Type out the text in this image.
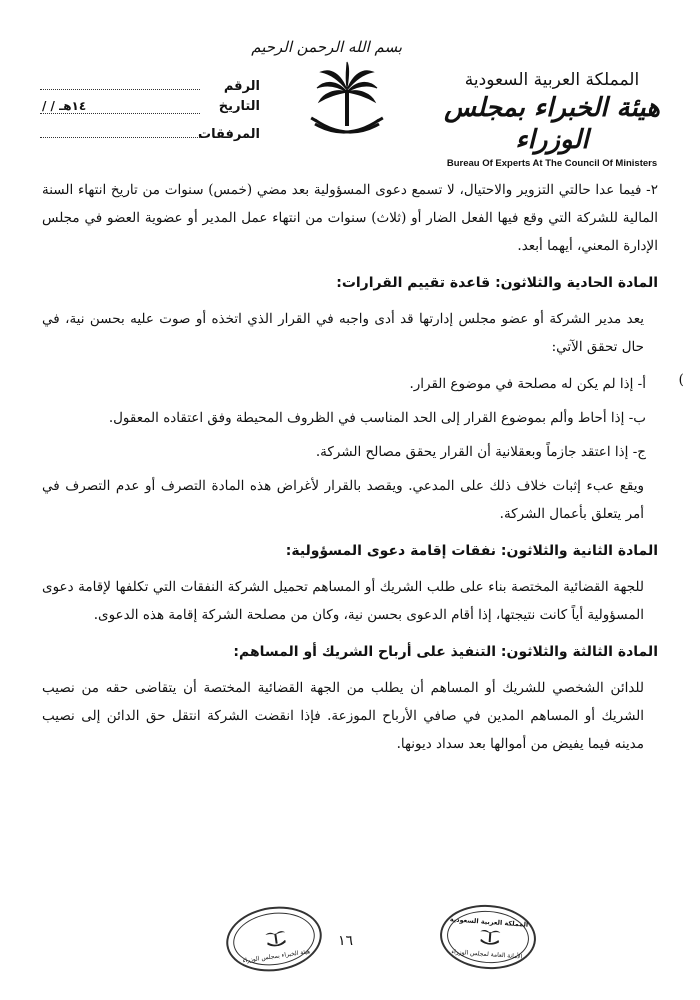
المملكة العربية السعودية
هيئة الخبراء بمجلس الوزراء
Bureau Of Experts At The Council Of Ministers
بسم الله الرحمن الرحيم
الرقم
التاريخ
/ / ١٤هـ
المرفقات

٢- فيما عدا حالتي التزوير والاحتيال، لا تسمع دعوى المسؤولية بعد مضي (خمس) سنوات من تاريخ انتهاء السنة المالية للشركة التي وقع فيها الفعل الضار أو (ثلاث) سنوات من انتهاء عمل المدير أو عضوية العضو في مجلس الإدارة المعني، أيهما أبعد.

المادة الحادية والثلاثون: قاعدة تقييم القرارات:

يعد مدير الشركة أو عضو مجلس إدارتها قد أدى واجبه في القرار الذي اتخذه أو صوت عليه بحسن نية، في حال تحقق الآتي:

أ- إذا لم يكن له مصلحة في موضوع القرار.

ب- إذا أحاط وألم بموضوع القرار إلى الحد المناسب في الظروف المحيطة وفق اعتقاده المعقول.

ج- إذا اعتقد جازماً وبعقلانية أن القرار يحقق مصالح الشركة.

ويقع عبء إثبات خلاف ذلك على المدعي. ويقصد بالقرار لأغراض هذه المادة التصرف أو عدم التصرف في أمر يتعلق بأعمال الشركة.

المادة الثانية والثلاثون: نفقات إقامة دعوى المسؤولية:

للجهة القضائية المختصة بناء على طلب الشريك أو المساهم تحميل الشركة النفقات التي تكلفها لإقامة دعوى المسؤولية أياً كانت نتيجتها، إذا أقام الدعوى بحسن نية، وكان من مصلحة الشركة إقامة هذه الدعوى.

المادة الثالثة والثلاثون: التنفيذ على أرباح الشريك أو المساهم:

للدائن الشخصي للشريك أو المساهم أن يطلب من الجهة القضائية المختصة أن يتقاضى حقه من نصيب الشريك أو المساهم المدين في صافي الأرباح الموزعة. فإذا انقضت الشركة انتقل حق الدائن إلى نصيب مدينه فيما يفيض من أموالها بعد سداد ديونها.

(
هيئة الخبراء بمجلس الوزراء
١٦
المملكة العربية السعودية
الأمانة العامة لمجلس الوزراء
